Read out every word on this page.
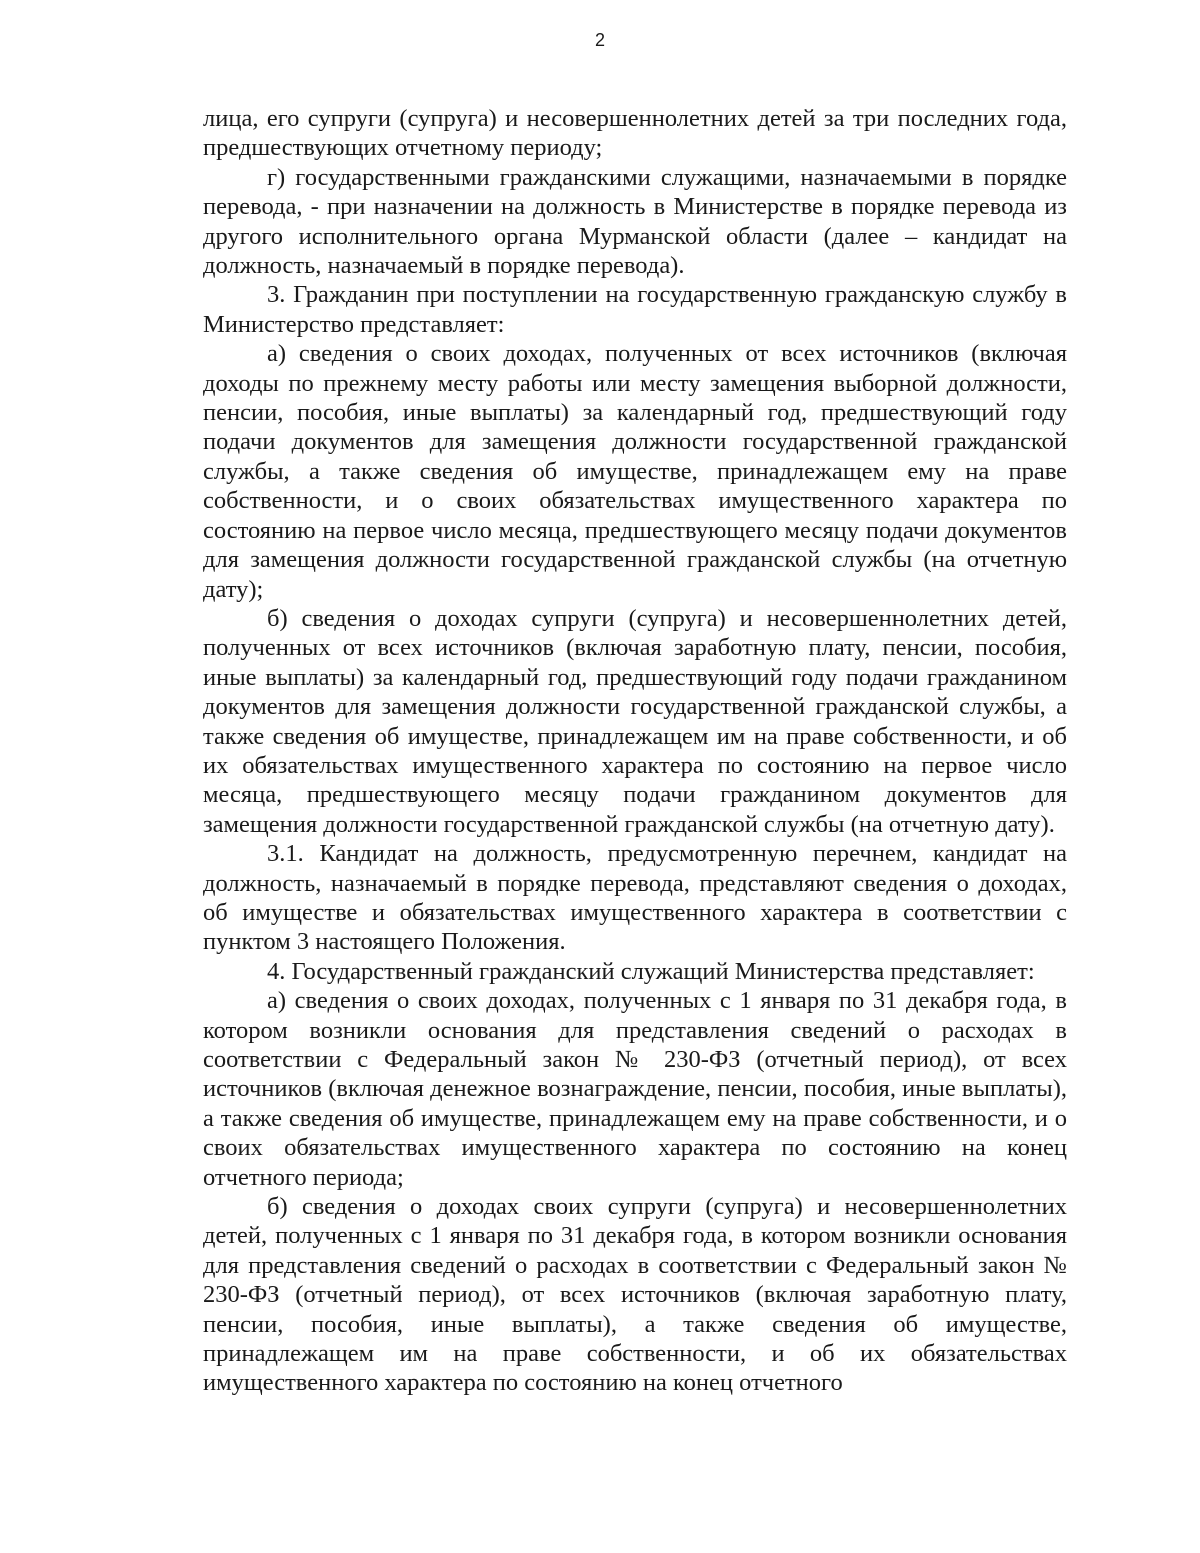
2

лица, его супруги (супруга) и несовершеннолетних детей за три последних года, предшествующих отчетному периоду;

г) государственными гражданскими служащими, назначаемыми в порядке перевода, - при назначении на должность в Министерстве в порядке перевода из другого исполнительного органа Мурманской области (далее – кандидат на должность, назначаемый в порядке перевода).

3. Гражданин при поступлении на государственную гражданскую службу в Министерство представляет:

а) сведения о своих доходах, полученных от всех источников (включая доходы по прежнему месту работы или месту замещения выборной должности, пенсии, пособия, иные выплаты) за календарный год, предшествующий году подачи документов для замещения должности государственной гражданской службы, а также сведения об имуществе, принадлежащем ему на праве собственности, и о своих обязательствах имущественного характера по состоянию на первое число месяца, предшествующего месяцу подачи документов для замещения должности государственной гражданской службы (на отчетную дату);

б) сведения о доходах супруги (супруга) и несовершеннолетних детей, полученных от всех источников (включая заработную плату, пенсии, пособия, иные выплаты) за календарный год, предшествующий году подачи гражданином документов для замещения должности государственной гражданской службы, а также сведения об имуществе, принадлежащем им на праве собственности, и об их обязательствах имущественного характера по состоянию на первое число месяца, предшествующего месяцу подачи гражданином документов для замещения должности государственной гражданской службы (на отчетную дату).

3.1. Кандидат на должность, предусмотренную перечнем, кандидат на должность, назначаемый в порядке перевода, представляют сведения о доходах, об имуществе и обязательствах имущественного характера в соответствии с пунктом 3 настоящего Положения.

4. Государственный гражданский служащий Министерства представляет:

а) сведения о своих доходах, полученных с 1 января по 31 декабря года, в котором возникли основания для представления сведений о расходах в соответствии с Федеральный закон № 230-ФЗ (отчетный период), от всех источников (включая денежное вознаграждение, пенсии, пособия, иные выплаты), а также сведения об имуществе, принадлежащем ему на праве собственности, и о своих обязательствах имущественного характера по состоянию на конец отчетного периода;

б) сведения о доходах своих супруги (супруга) и несовершеннолетних детей, полученных с 1 января по 31 декабря года, в котором возникли основания для представления сведений о расходах в соответствии с Федеральный закон № 230-ФЗ (отчетный период), от всех источников (включая заработную плату, пенсии, пособия, иные выплаты), а также сведения об имуществе, принадлежащем им на праве собственности, и об их обязательствах имущественного характера по состоянию на конец отчетного
